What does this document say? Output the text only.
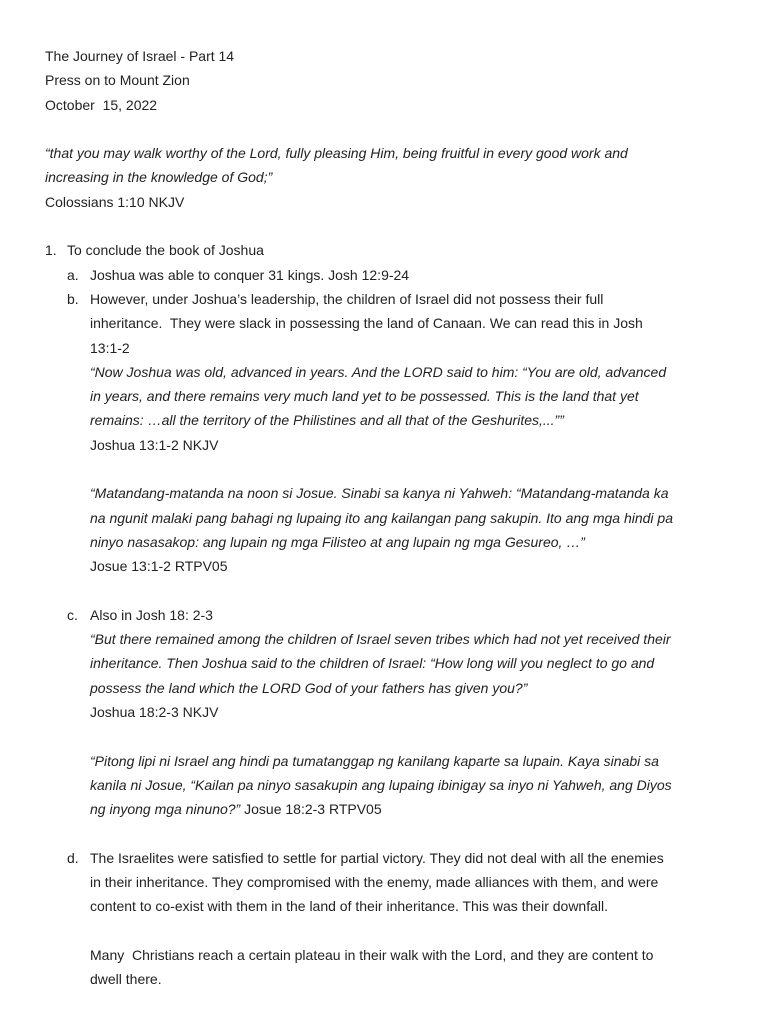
The Journey of Israel - Part 14
Press on to Mount Zion
October  15, 2022
“that you may walk worthy of the Lord, fully pleasing Him, being fruitful in every good work and
increasing in the knowledge of God;”
Colossians 1:10 NKJV
1. To conclude the book of Joshua
a. Joshua was able to conquer 31 kings. Josh 12:9-24
b. However, under Joshua’s leadership, the children of Israel did not possess their full
inheritance.  They were slack in possessing the land of Canaan. We can read this in Josh
13:1-2
“Now Joshua was old, advanced in years. And the LORD said to him: “You are old, advanced
in years, and there remains very much land yet to be possessed. This is the land that yet
remains: …all the territory of the Philistines and all that of the Geshurites,...””
Joshua 13:1-2 NKJV
“Matandang-matanda na noon si Josue. Sinabi sa kanya ni Yahweh: “Matandang-matanda ka
na ngunit malaki pang bahagi ng lupaing ito ang kailangan pang sakupin. Ito ang mga hindi pa
ninyo nasasakop: ang lupain ng mga Filisteo at ang lupain ng mga Gesureo, …”
Josue 13:1-2 RTPV05
c. Also in Josh 18: 2-3
“But there remained among the children of Israel seven tribes which had not yet received their
inheritance. Then Joshua said to the children of Israel: “How long will you neglect to go and
possess the land which the LORD God of your fathers has given you?”
Joshua 18:2-3 NKJV
“Pitong lipi ni Israel ang hindi pa tumatanggap ng kanilang kaparte sa lupain. Kaya sinabi sa
kanila ni Josue, “Kailan pa ninyo sasakupin ang lupaing ibinigay sa inyo ni Yahweh, ang Diyos
ng inyong mga ninuno?” Josue 18:2-3 RTPV05
d. The Israelites were satisfied to settle for partial victory. They did not deal with all the enemies
in their inheritance. They compromised with the enemy, made alliances with them, and were
content to co-exist with them in the land of their inheritance. This was their downfall.
Many  Christians reach a certain plateau in their walk with the Lord, and they are content to
dwell there.
